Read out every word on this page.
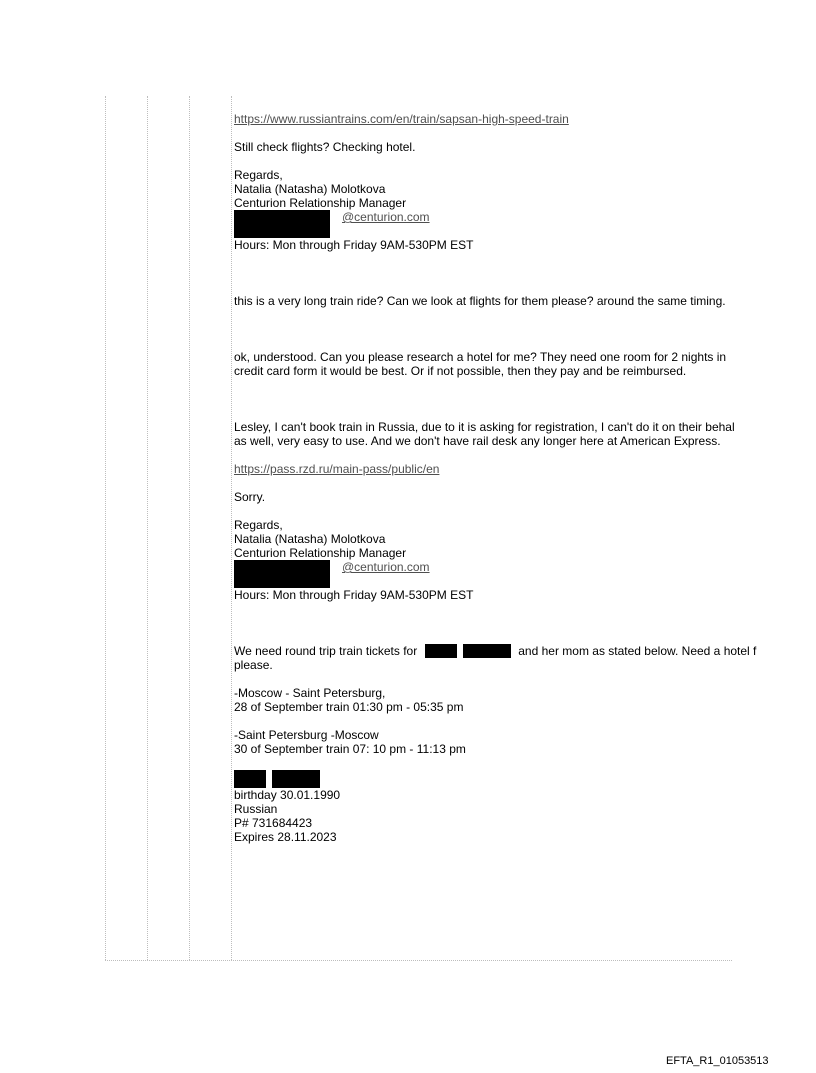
https://www.russiantrains.com/en/train/sapsan-high-speed-train
Still check flights? Checking hotel.
Regards,
Natalia (Natasha) Molotkova
Centurion Relationship Manager
@centurion.com
Hours: Mon through Friday 9AM-530PM EST
this is a very long train ride? Can we look at flights for them please? around the same timing.
ok, understood. Can you please research a hotel for me? They need one room for 2 nights in
credit card form it would be best. Or if not possible, then they pay and be reimbursed.
Lesley, I can't book train in Russia, due to it is asking for registration, I can't do it on their behal
as well, very easy to use. And we don't have rail desk any longer here at American Express.
https://pass.rzd.ru/main-pass/public/en
Sorry.
Regards,
Natalia (Natasha) Molotkova
Centurion Relationship Manager
@centurion.com
Hours: Mon through Friday 9AM-530PM EST
We need round trip train tickets for	and her mom as stated below. Need a hotel f
please.
-Moscow - Saint Petersburg,
28 of September train 01:30 pm - 05:35 pm
-Saint Petersburg -Moscow
30 of September train 07: 10 pm - 11:13 pm

birthday 30.01.1990
Russian
P# 731684423
Expires 28.11.2023
EFTA_R1_01053513
